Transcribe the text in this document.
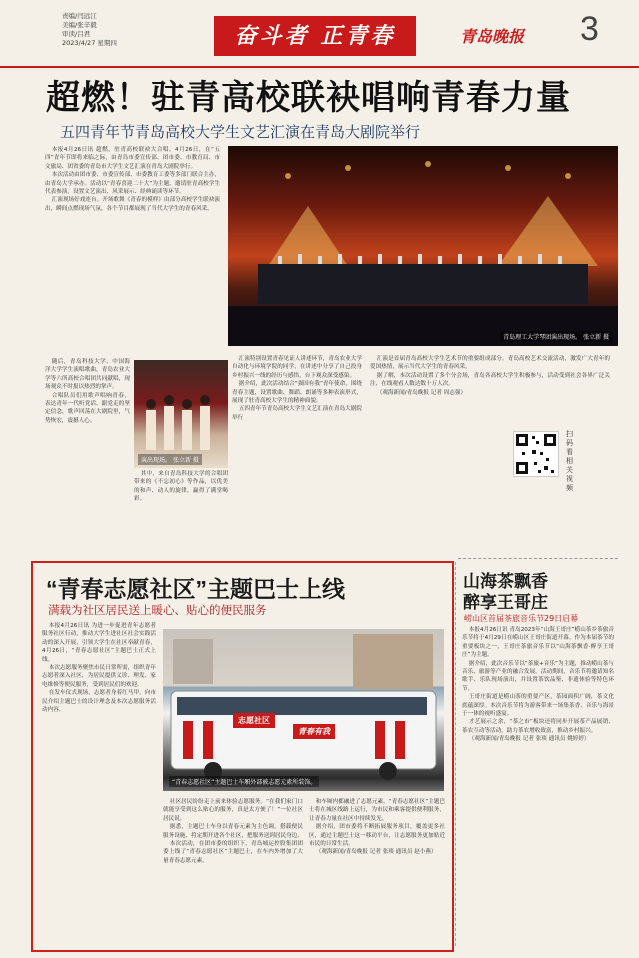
责编/闫远江
美编/张辛毅
审读/吕君
2023/4/27 星期四	奋斗者 正青春	青岛晚报 3
超燃！驻青高校联袂唱响青春力量
五四青年节青岛高校大学生文艺汇演在青岛大剧院举行
青岛理工大学琴团演出现场。 张立新 摄

本报4月26日讯 超燃，驻青高校联袂大合唱。4月26日，在“五四”青年节即将来临之际，由青岛市委宣传部、团市委、市教育局、市文旅局、团省委的青岛市大学生文艺汇演在青岛大剧院举行。

本次活动由团市委、市委宣传部、市委教育工委等多部门联合主办，由青岛大学承办。活动以“青春喜迎二十大”为主题，邀请驻青高校学生代表参演，设置文艺演出、风采展示、经典诵读等环节。

汇演现场好戏连台。开场歌舞《青春的模样》由部分高校学生联袂演出，瞬间点燃现场气氛，各个节目都展现了当代大学生的青春风采。

随后，青岛科技大学、中国海洋大学学生演唱歌曲，青岛农业大学等六所高校合唱团共同献唱，现场观众不时报以热烈的掌声。

合唱队员们用歌声唱响青春，表达青年一代听党话、跟党走的坚定信念，歌声回荡在大剧院里，气势恢宏，震撼人心。

演出现场。 张立新 摄

其中，来自青岛科技大学的合唱团带来的《不忘初心》等作品，以优美的和声、动人的旋律，赢得了满堂喝彩。

汇演特别设置青春见证人讲述环节，青岛农业大学自动化与环境学院的同学，在讲述中分享了自己投身乡村振兴一线的经历与感悟，台下观众深受感染。

据介绍，此次活动结合“强国有我”青年使命，围绕青春主题，设置歌曲、舞蹈、朗诵等多种表演形式，展现了驻青高校大学生的精神面貌。

五四青年节青岛高校大学生文艺汇演在青岛大剧院举行

汇演是首届青岛高校大学生艺术节的重要组成部分。青岛高校艺术交流活动，激发广大青年的爱国热情，展示当代大学生的青春风采。

据了解，本次活动设置了多个分会场，青岛各高校大学生积极参与，活动受到社会各界广泛关注，在线观看人数达数十万人次。

（观海新闻/青岛晚报 记者 周志强）

扫码看相关视频
“青春志愿社区”主题巴士上线
满载为社区居民送上暖心、贴心的便民服务

本报4月26日讯 为进一步促进青年志愿者服务社区行动，推动大学生进社区社会实践活动的深入开展，引领大学生在社区奉献青春，4月26日，“青春志愿社区”主题巴士正式上线。

本次志愿服务聚焦市民日常所需，组织青年志愿者深入社区，为居民提供义诊、理发、家电维修等便民服务，受到居民们的欢迎。

在发车仪式现场，志愿者身着红马甲，向市民介绍主题巴士的设计理念及本次志愿服务活动内容。

志愿社区
青春有我
“青春志愿社区”主题巴士车厢外部被志愿元素所装饰。

社区居民纷纷走上前来体验志愿服务。“在我们家门口就能享受到这么贴心的服务，真是太方便了！”一位社区居民说。

据悉，主题巴士车身以青春元素为主色调，搭载便民服务设施，将定期开进各个社区，把服务送到居民身边。

本次活动，在团市委的组织下，青岛城运控股集团团委上线了“青春志愿社区”主题巴士，在车内外增加了大量青春志愿元素。

和车厢内都融进了志愿元素。“青春志愿社区”主题巴士将在城区线路上运行，为市民和乘客提供便利服务，让青春力量在社区中持续发光。

据介绍，团市委将不断拓展服务项目，覆盖更多社区，通过主题巴士这一移动平台，让志愿服务更加贴近市民的日常生活。

（观海新闻/青岛晚报 记者 张琰 通讯员 赵小燕）

山海茶飘香
醉享王哥庄
崂山区首届茶旅音乐节29日启幕

本报4月26日讯 青岛2023年“山海王哥庄”崂山茶乡茶旅音乐节将于4月29日在崂山区王哥庄街道开幕。作为本届茶节的重要板块之一，王哥庄茶旅音乐节以“山海茶飘香·醉享王哥庄”为主题。

据介绍，此次音乐节以“茶旅+音乐”为主题，推动崂山茶与音乐、旅游等产业的融合发展。活动期间，音乐节将邀请知名歌手、乐队现场演出，并设置茶饮品鉴、非遗体验等特色环节。

王哥庄街道是崂山茶的重要产区，茶园面积广阔，茶文化底蕴深厚。本次音乐节将为游客带来一场集茶香、音乐与海景于一体的视听盛宴。

才艺展示之余，“茶之市”板块还将同步开展茶产品展销、茶农互动等活动，助力茶农增收致富，推动乡村振兴。

（观海新闻/青岛晚报 记者 张琰 通讯员 姚婷婷）
